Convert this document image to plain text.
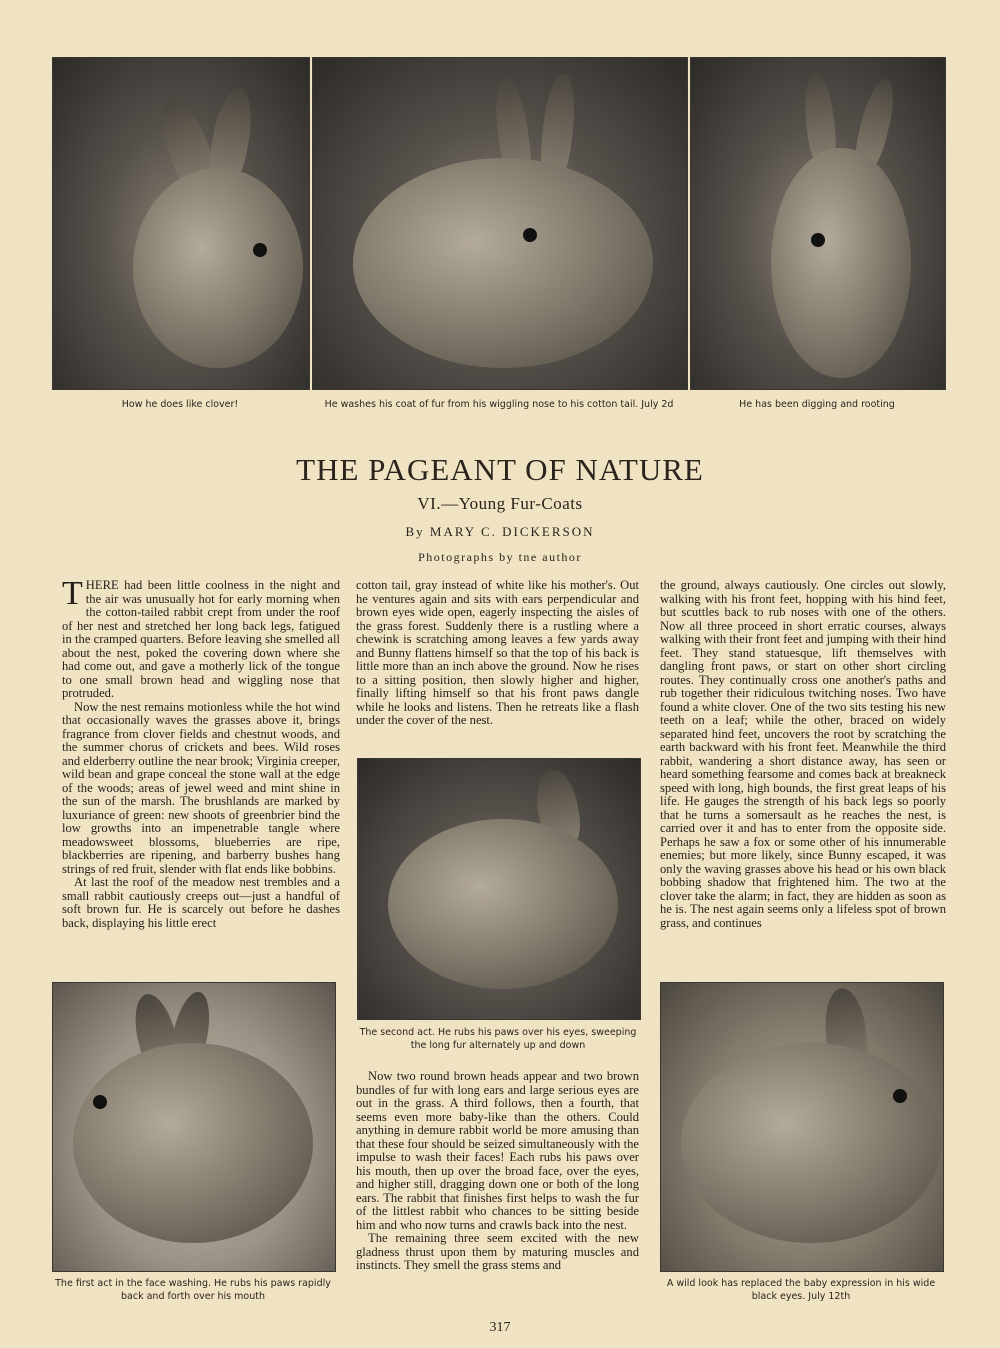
How he does like clover!	He washes his coat of fur from his wiggling nose to his cotton tail. July 2d	He has been digging and rooting
THE PAGEANT OF NATURE
VI.—Young Fur-Coats
By MARY C. DICKERSON
Photographs by tne author

THERE had been little coolness in the night and the air was unusually hot for early morning when the cotton-tailed rabbit crept from under the roof of her nest and stretched her long back legs, fatigued in the cramped quarters. Before leaving she smelled all about the nest, poked the covering down where she had come out, and gave a motherly lick of the tongue to one small brown head and wiggling nose that protruded.

Now the nest remains motionless while the hot wind that occasionally waves the grasses above it, brings fragrance from clover fields and chestnut woods, and the summer chorus of crickets and bees. Wild roses and elderberry outline the near brook; Virginia creeper, wild bean and grape conceal the stone wall at the edge of the woods; areas of jewel weed and mint shine in the sun of the marsh. The brushlands are marked by luxuriance of green: new shoots of greenbrier bind the low growths into an impenetrable tangle where meadowsweet blossoms, blueberries are ripe, blackberries are ripening, and barberry bushes hang strings of red fruit, slender with flat ends like bobbins.

At last the roof of the meadow nest trembles and a small rabbit cautiously creeps out—just a handful of soft brown fur. He is scarcely out before he dashes back, displaying his little erect

cotton tail, gray instead of white like his mother's. Out he ventures again and sits with ears perpendicular and brown eyes wide open, eagerly inspecting the aisles of the grass forest. Suddenly there is a rustling where a chewink is scratching among leaves a few yards away and Bunny flattens himself so that the top of his back is little more than an inch above the ground. Now he rises to a sitting position, then slowly higher and higher, finally lifting himself so that his front paws dangle while he looks and listens. Then he retreats like a flash under the cover of the nest.

The second act. He rubs his paws over his eyes, sweeping the long fur alternately up and down

Now two round brown heads appear and two brown bundles of fur with long ears and large serious eyes are out in the grass. A third follows, then a fourth, that seems even more baby-like than the others. Could anything in demure rabbit world be more amusing than that these four should be seized simultaneously with the impulse to wash their faces! Each rubs his paws over his mouth, then up over the broad face, over the eyes, and higher still, dragging down one or both of the long ears. The rabbit that finishes first helps to wash the fur of the littlest rabbit who chances to be sitting beside him and who now turns and crawls back into the nest.

The remaining three seem excited with the new gladness thrust upon them by maturing muscles and instincts. They smell the grass stems and

the ground, always cautiously. One circles out slowly, walking with his front feet, hopping with his hind feet, but scuttles back to rub noses with one of the others. Now all three proceed in short erratic courses, always walking with their front feet and jumping with their hind feet. They stand statuesque, lift themselves with dangling front paws, or start on other short circling routes. They continually cross one another's paths and rub together their ridiculous twitching noses. Two have found a white clover. One of the two sits testing his new teeth on a leaf; while the other, braced on widely separated hind feet, uncovers the root by scratching the earth backward with his front feet. Meanwhile the third rabbit, wandering a short distance away, has seen or heard something fearsome and comes back at breakneck speed with long, high bounds, the first great leaps of his life. He gauges the strength of his back legs so poorly that he turns a somersault as he reaches the nest, is carried over it and has to enter from the opposite side. Perhaps he saw a fox or some other of his innumerable enemies; but more likely, since Bunny escaped, it was only the waving grasses above his head or his own black bobbing shadow that frightened him. The two at the clover take the alarm; in fact, they are hidden as soon as he is. The nest again seems only a lifeless spot of brown grass, and continues

The first act in the face washing. He rubs his paws rapidly back and forth over his mouth
A wild look has replaced the baby expression in his wide black eyes. July 12th
317
